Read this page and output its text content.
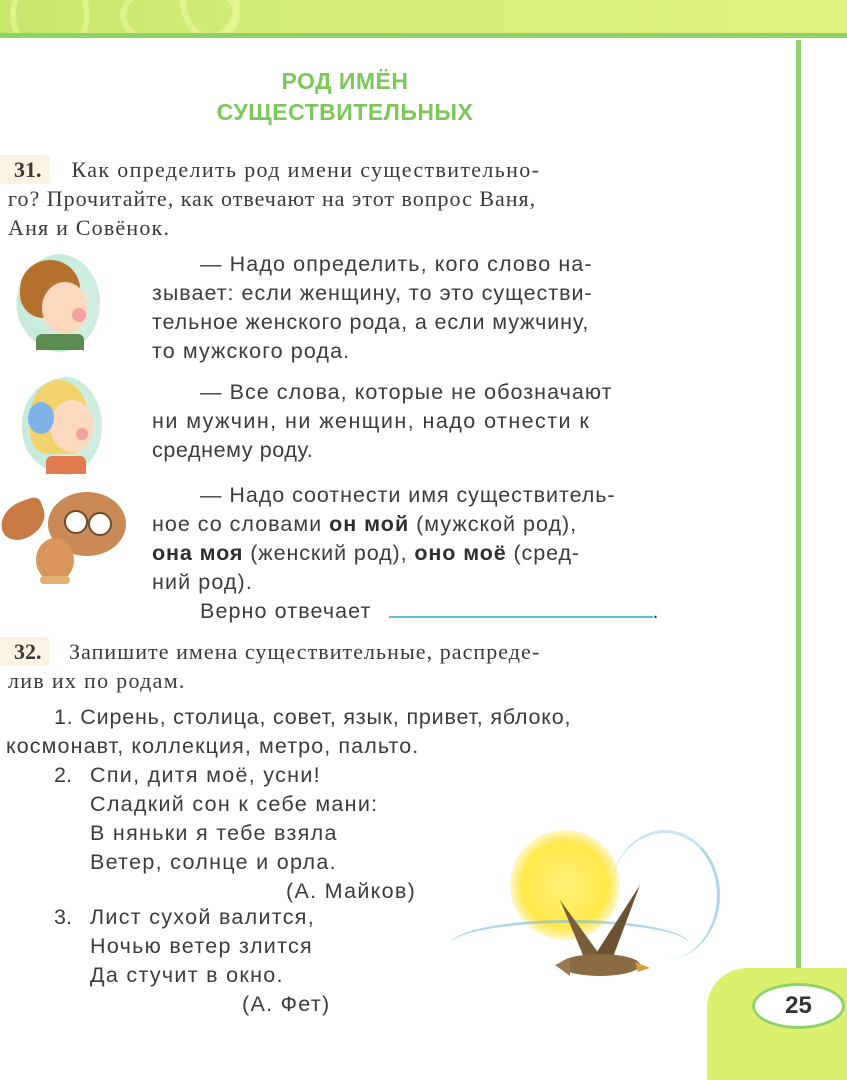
25
РОД ИМЁН
СУЩЕСТВИТЕЛЬНЫХ
31.	Как определить род имени существительно-
го? Прочитайте, как отвечают на этот вопрос Ваня,
Аня и Совёнок.
— Надо определить, кого слово на-
зывает: если женщину, то это существи-
тельное женского рода, а если мужчину,
то мужского рода.
— Все слова, которые не обозначают
ни мужчин, ни женщин, надо отнести к
среднему роду.
— Надо соотнести имя существитель-
ное со словами он мой (мужской род),
она моя (женский род), оно моё (сред-
ний род).
Верно отвечает	.
32. Запишите имена существительные, распреде-
лив их по родам.
1. Сирень, столица, совет, язык, привет, яблоко,
космонавт, коллекция, метро, пальто.
2. Спи, дитя моё, усни!
Сладкий сон к себе мани:
В няньки я тебе взяла
Ветер, солнце и орла.
(А. Майков)
3. Лист сухой валится,
Ночью ветер злится
Да стучит в окно.
(А. Фет)
